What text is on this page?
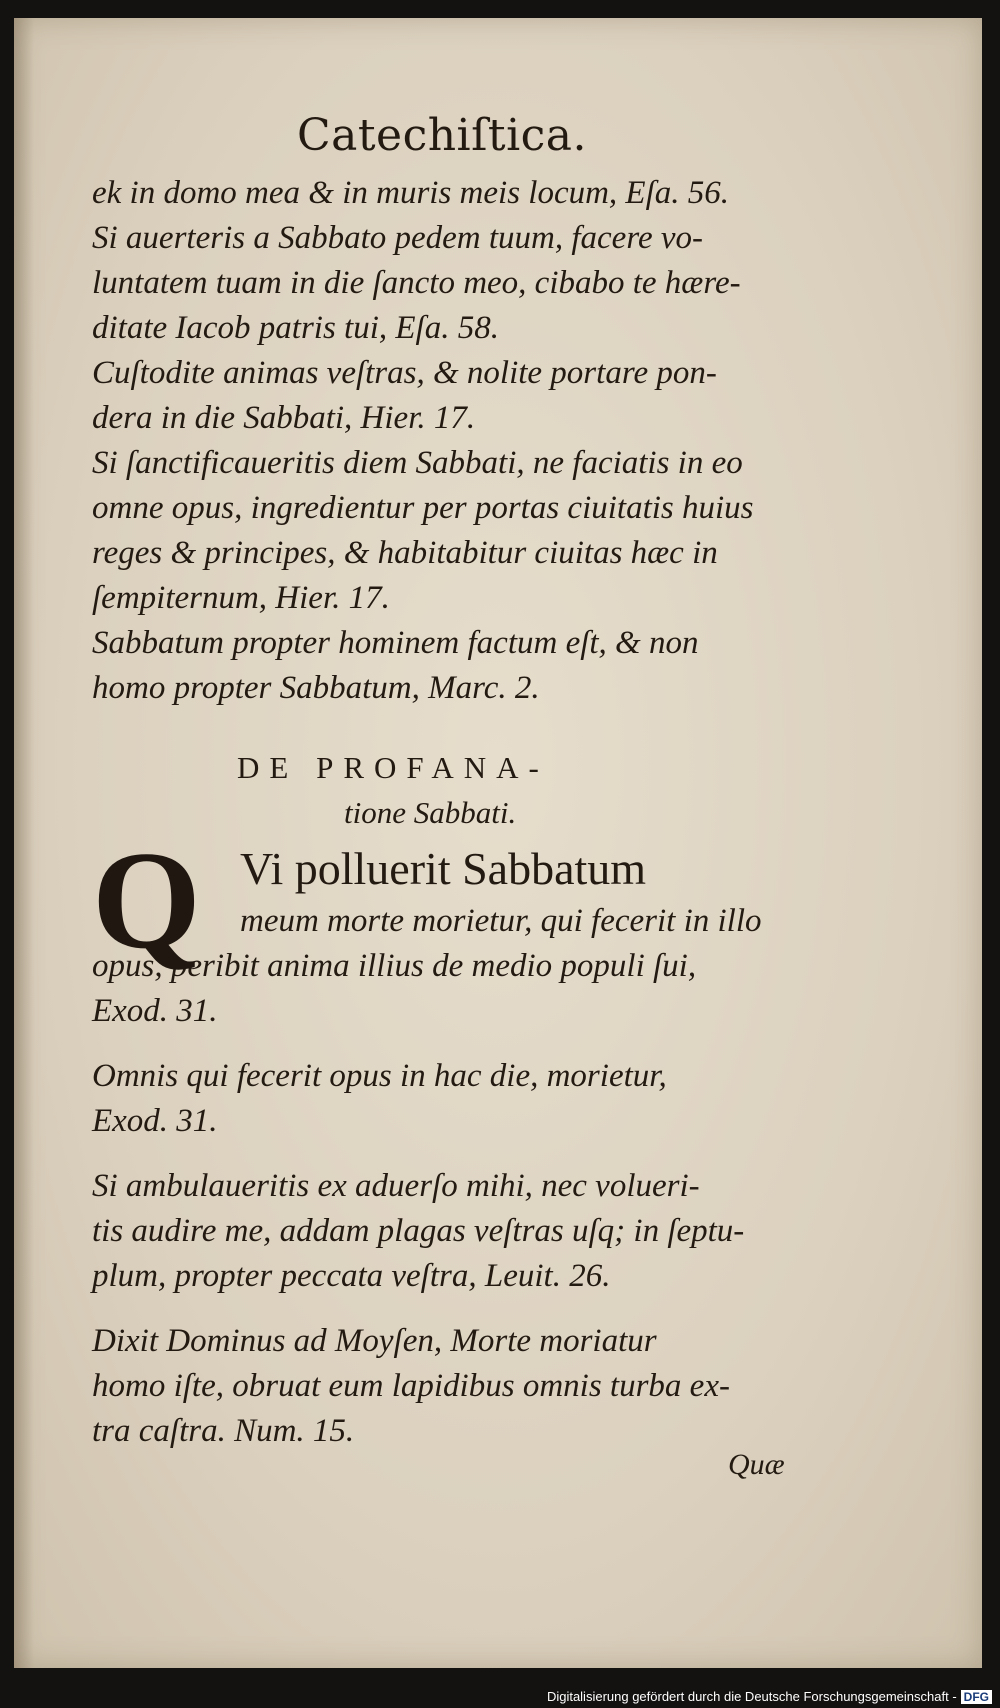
Catechiſtica.
ek in domo mea & in muris meis locum, Eſa. 56.
Si auerteris a Sabbato pedem tuum, facere vo-
luntatem tuam in die ſancto meo, cibabo te hære-
ditate Iacob patris tui, Eſa. 58.
Cuſtodite animas veſtras, & nolite portare pon-
dera in die Sabbati, Hier. 17.
Si ſanctificaueritis diem Sabbati, ne faciatis in eo
omne opus, ingredientur per portas ciuitatis huius
reges & principes, & habitabitur ciuitas hæc in
ſempiternum, Hier. 17.
Sabbatum propter hominem factum eſt, & non
homo propter Sabbatum, Marc. 2.
DE PROFANA-
tione Sabbati.
Q Vi polluerit Sabbatum
meum morte morietur, qui fecerit in illo
opus, peribit anima illius de medio populi ſui,
Exod. 31.
Omnis qui fecerit opus in hac die, morietur,
Exod. 31.
Si ambulaueritis ex aduerſo mihi, nec volueri-
tis audire me, addam plagas veſtras uſq; in ſeptu-
plum, propter peccata veſtra, Leuit. 26.
Dixit Dominus ad Moyſen, Morte moriatur
homo iſte, obruat eum lapidibus omnis turba ex-
tra caſtra. Num. 15.
Quæ
Digitalisierung gefördert durch die Deutsche Forschungsgemeinschaft - DFG
